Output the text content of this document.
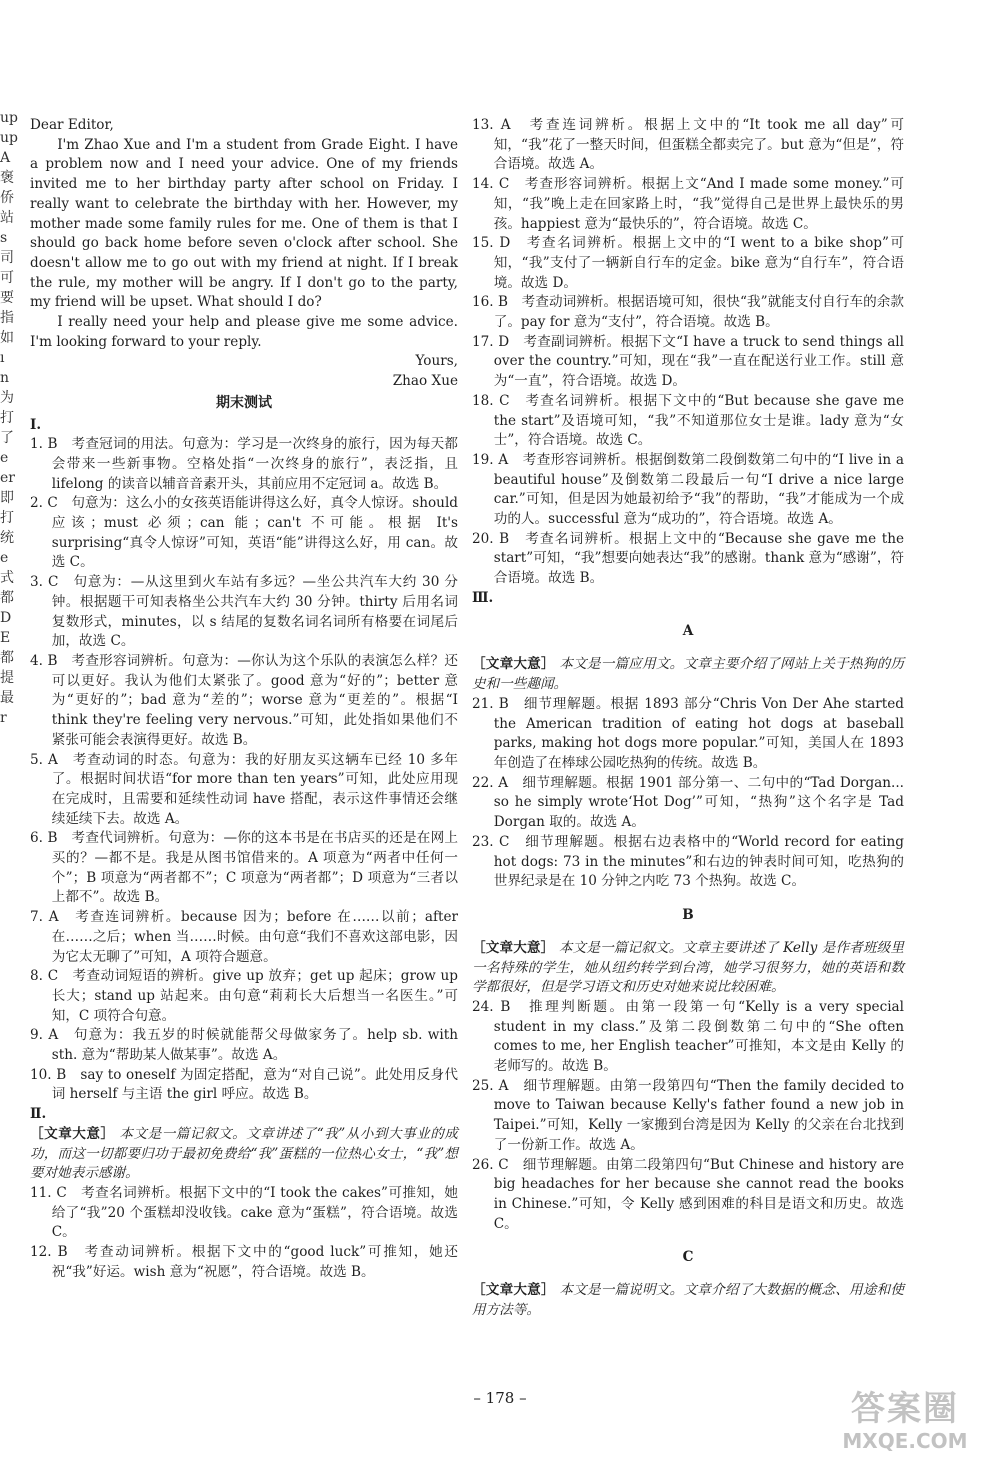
up
up
A
褒
侨
站
s
司
可
要
指
如
ı
n
为
打
了
e
er
即
打
统
e
式
都
D
E
都
提
最
r

Dear Editor,

I'm Zhao Xue and I'm a student from Grade Eight. I have a problem now and I need your advice. One of my friends invited me to her birthday party after school on Friday. I really want to celebrate the birthday with her. However, my mother made some family rules for me. One of them is that I should go back home before seven o'clock after school. She doesn't allow me to go out with my friend at night. If I break the rule, my mother will be angry. If I don't go to the party, my friend will be upset. What should I do?

I really need your help and please give me some advice. I'm looking forward to your reply.

Yours,

Zhao Xue

期末测试

Ⅰ.

1. B　考查冠词的用法。句意为：学习是一次终身的旅行，因为每天都会带来一些新事物。空格处指“一次终身的旅行”，表泛指，且 lifelong 的读音以辅音音素开头，其前应用不定冠词 a。故选 B。

2. C　句意为：这么小的女孩英语能讲得这么好，真令人惊讶。should 应该；must 必须；can 能；can't 不可能。根据 It's surprising“真令人惊讶”可知，英语“能”讲得这么好，用 can。故选 C。

3. C　句意为：—从这里到火车站有多远？—坐公共汽车大约 30 分钟。根据题干可知表格坐公共汽车大约 30 分钟。thirty 后用名词复数形式，minutes，以 s 结尾的复数名词名词所有格要在词尾后加，故选 C。

4. B　考查形容词辨析。句意为：—你认为这个乐队的表演怎么样？还可以更好。我认为他们太紧张了。good 意为“好的”；better 意为“更好的”；bad 意为“差的”；worse 意为“更差的”。根据“I think they're feeling very nervous.”可知，此处指如果他们不紧张可能会表演得更好。故选 B。

5. A　考查动词的时态。句意为：我的好朋友买这辆车已经 10 多年了。根据时间状语“for more than ten years”可知，此处应用现在完成时，且需要和延续性动词 have 搭配，表示这件事情还会继续延续下去。故选 A。

6. B　考查代词辨析。句意为：—你的这本书是在书店买的还是在网上买的？—都不是。我是从图书馆借来的。A 项意为“两者中任何一个”；B 项意为“两者都不”；C 项意为“两者都”；D 项意为“三者以上都不”。故选 B。

7. A　考查连词辨析。because 因为；before 在……以前；after 在……之后；when 当……时候。由句意“我们不喜欢这部电影，因为它太无聊了”可知，A 项符合题意。

8. C　考查动词短语的辨析。give up 放弃；get up 起床；grow up 长大；stand up 站起来。由句意“莉莉长大后想当一名医生。”可知，C 项符合句意。

9. A　句意为：我五岁的时候就能帮父母做家务了。help sb. with sth. 意为“帮助某人做某事”。故选 A。

10. B　say to oneself 为固定搭配，意为“对自己说”。此处用反身代词 herself 与主语 the girl 呼应。故选 B。

Ⅱ.

［文章大意］ 本文是一篇记叙文。文章讲述了“我”从小到大事业的成功，而这一切都要归功于最初免费给“我”蛋糕的一位热心女士，“我”想要对她表示感谢。

11. C　考查名词辨析。根据下文中的“I took the cakes”可推知，她给了“我”20 个蛋糕却没收钱。cake 意为“蛋糕”，符合语境。故选 C。

12. B　考查动词辨析。根据下文中的“good luck”可推知，她还祝“我”好运。wish 意为“祝愿”，符合语境。故选 B。

13. A　考查连词辨析。根据上文中的“It took me all day”可知，“我”花了一整天时间，但蛋糕全都卖完了。but 意为“但是”，符合语境。故选 A。

14. C　考查形容词辨析。根据上文“And I made some money.”可知，“我”晚上走在回家路上时，“我”觉得自己是世界上最快乐的男孩。happiest 意为“最快乐的”，符合语境。故选 C。

15. D　考查名词辨析。根据上文中的“I went to a bike shop”可知，“我”支付了一辆新自行车的定金。bike 意为“自行车”，符合语境。故选 D。

16. B　考查动词辨析。根据语境可知，很快“我”就能支付自行车的余款了。pay for 意为“支付”，符合语境。故选 B。

17. D　考查副词辨析。根据下文“I have a truck to send things all over the country.”可知，现在“我”一直在配送行业工作。still 意为“一直”，符合语境。故选 D。

18. C　考查名词辨析。根据下文中的“But because she gave me the start”及语境可知，“我”不知道那位女士是谁。lady 意为“女士”，符合语境。故选 C。

19. A　考查形容词辨析。根据倒数第二段倒数第二句中的“I live in a beautiful house”及倒数第二段最后一句“I drive a nice large car.”可知，但是因为她最初给予“我”的帮助，“我”才能成为一个成功的人。successful 意为“成功的”，符合语境。故选 A。

20. B　考查名词辨析。根据上文中的“Because she gave me the start”可知，“我”想要向她表达“我”的感谢。thank 意为“感谢”，符合语境。故选 B。

Ⅲ.

A

［文章大意］ 本文是一篇应用文。文章主要介绍了网站上关于热狗的历史和一些趣闻。

21. B　细节理解题。根据 1893 部分“Chris Von Der Ahe started the American tradition of eating hot dogs at baseball parks, making hot dogs more popular.”可知，美国人在 1893 年创造了在棒球公园吃热狗的传统。故选 B。

22. A　细节理解题。根据 1901 部分第一、二句中的“Tad Dorgan... so he simply wrote‘Hot Dog’”可知，“热狗”这个名字是 Tad Dorgan 取的。故选 A。

23. C　细节理解题。根据右边表格中的“World record for eating hot dogs: 73 in the minutes”和右边的钟表时间可知，吃热狗的世界纪录是在 10 分钟之内吃 73 个热狗。故选 C。

B

［文章大意］ 本文是一篇记叙文。文章主要讲述了 Kelly 是作者班级里一名特殊的学生，她从纽约转学到台湾，她学习很努力，她的英语和数学都很好，但是学习语文和历史对她来说比较困难。

24. B　推理判断题。由第一段第一句“Kelly is a very special student in my class.”及第二段倒数第二句中的“She often comes to me, her English teacher”可推知，本文是由 Kelly 的老师写的。故选 B。

25. A　细节理解题。由第一段第四句“Then the family decided to move to Taiwan because Kelly's father found a new job in Taipei.”可知，Kelly 一家搬到台湾是因为 Kelly 的父亲在台北找到了一份新工作。故选 A。

26. C　细节理解题。由第二段第四句“But Chinese and history are big headaches for her because she cannot read the books in Chinese.”可知，令 Kelly 感到困难的科目是语文和历史。故选 C。

C

［文章大意］ 本文是一篇说明文。文章介绍了大数据的概念、用途和使用方法等。

– 178 –	答案圈
MXQE.COM
